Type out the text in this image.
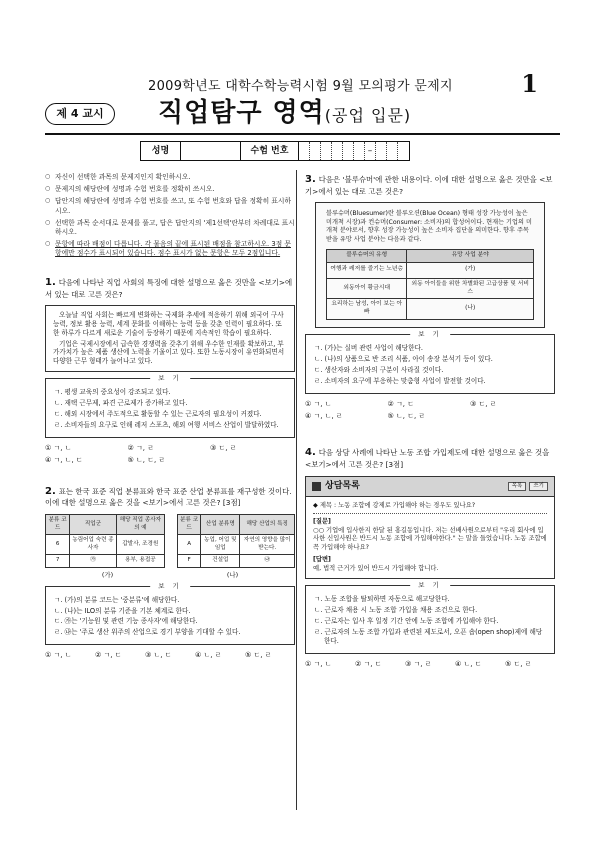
2009학년도 대학수학능력시험 9월 모의평가 문제지	1
제 4 교시	직업탐구 영역(공업 입문)
성명	수험 번호	–
○ 자신이 선택한 과목의 문제지인지 확인하시오.
○ 문제지의 해당란에 성명과 수험 번호를 정확히 쓰시오.
○ 답안지의 해당란에 성명과 수험 번호를 쓰고, 또 수험 번호와 답을 정확히 표시하시오.
○ 선택한 과목 순서대로 문제를 풀고, 답은 답안지의 '제1선택'란부터 차례대로 표시하시오.
○ 문항에 따라 배점이 다릅니다. 각 물음의 끝에 표시된 배점을 참고하시오. 3점 문항에만 점수가 표시되어 있습니다. 점수 표시가 없는 문항은 모두 2점입니다.
1. 다음에 나타난 직업 사회의 특징에 대한 설명으로 옳은 것만을 <보기>에서 있는 대로 고른 것은?

오늘날 직업 사회는 빠르게 변화하는 국제화 추세에 적응하기 위해 외국어 구사 능력, 정보 활용 능력, 세계 문화를 이해하는 능력 등을 갖춘 인력이 필요하다. 또한 하루가 다르게 새로운 기술이 등장하기 때문에 지속적인 학습이 필요하다.

기업은 국제시장에서 급속한 경쟁력을 갖추기 위해 우수한 인재를 확보하고, 부가가치가 높은 제품 생산에 노력을 기울이고 있다. 또한 노동시장이 유연화되면서 다양한 근무 형태가 늘어나고 있다.

보 기

ㄱ. 평생 교육의 중요성이 강조되고 있다.

ㄴ. 재택 근무제, 파견 근로제가 증가하고 있다.

ㄷ. 해외 시장에서 주도적으로 활동할 수 있는 근로자의 필요성이 커졌다.

ㄹ. 소비자들의 요구로 인해 레저 스포츠, 해외 여행 서비스 산업이 발달하였다.

① ㄱ, ㄴ	② ㄱ, ㄹ	③ ㄷ, ㄹ
④ ㄱ, ㄴ, ㄷ	⑤ ㄴ, ㄷ, ㄹ
2. 표는 한국 표준 직업 분류표와 한국 표준 산업 분류표를 재구성한 것이다. 이에 대한 설명으로 옳은 것을 <보기>에서 고른 것은? [3점]
분류 코드	직업군	해당 직업 종사자의 예
6	농림어업 숙련 종사자	갑발사, 조경원
7	㉮	용부, 용접공
분류 코드	산업 분류명	해당 산업의 특징
A	농업, 어업 및 임업	자연의 영향을 많이 받는다.
F	건설업	㉯
(가)	(나)
보 기

ㄱ. (가)의 분류 코드는 '중분류'에 해당한다.

ㄴ. (나)는 ILO의 분류 기준을 기본 체계로 한다.

ㄷ. ㉮는 '기능원 및 관련 기능 종사자'에 해당한다.

ㄹ. ㉯는 '주로 생산 위주의 산업으로 경기 부양을 기대할 수 있다.

① ㄱ, ㄴ	② ㄱ, ㄷ	③ ㄴ, ㄷ	④ ㄴ, ㄹ	⑤ ㄷ, ㄹ
3. 다음은 '블루슈머'에 관한 내용이다. 이에 대한 설명으로 옳은 것만을 <보기>에서 있는 대로 고른 것은?
블루슈머(Bluesumer)란 블루오션(Blue Ocean) 형태 성장 가능성이 높은 미개척 시장)과 컨슈머(Consumer: 소비자)의 합성어이다. 현재는 기업의 미개척 분야로서, 향후 성장 가능성이 높은 소비자 집단을 의미한다. 향후 주목받을 유망 사업 분야는 다음과 같다.
블루슈머의 유형	유망 사업 분야
여행과 레저를 즐기는 노년층	(가)
외동아이 황금시대	외동 아이들을 위한 차별화된 고급상품 및 서비스
요리하는 남성, 아이 보는 아빠	(나)
보 기

ㄱ. (가)는 실버 관련 사업이 해당한다.

ㄴ. (나)의 상품으로 반 조리 식품, 아이 송장 분석기 등이 있다.

ㄷ. 생산자와 소비자의 구분이 사라질 것이다.

ㄹ. 소비자의 요구에 부응하는 맞춤형 사업이 발전할 것이다.

① ㄱ, ㄴ	② ㄱ, ㄷ	③ ㄷ, ㄹ
④ ㄱ, ㄴ, ㄹ	⑤ ㄴ, ㄷ, ㄹ
4. 다음 상담 사례에 나타난 노동 조합 가입제도에 대한 설명으로 옳은 것을 <보기>에서 고른 것은? [3점]
상담목록	목록	쓰기
◆ 제목 : 노동 조합에 강제로 가입해야 하는 경우도 있나요?
[질문]
○○ 기업에 입사한지 한달 된 홍길동입니다. 저는 선배사원으로부터 "우리 회사에 입사한 신입사원은 반드시 노동 조합에 가입해야한다." 는 말을 들었습니다. 노동 조합에 꼭 가입해야 하나요?
[답변]
예, 법적 근거가 있어 반드시 가입해야 합니다.
보 기

ㄱ. 노동 조합을 탈퇴하면 자동으로 해고당한다.

ㄴ. 근로자 채용 시 노동 조합 가입을 채용 조건으로 한다.

ㄷ. 근로자는 입사 후 일정 기간 안에 노동 조합에 가입해야 한다.

ㄹ. 근로자의 노동 조합 가입과 관련된 제도로서, 오픈 숍(open shop)제에 해당한다.

① ㄱ, ㄴ	② ㄱ, ㄷ	③ ㄱ, ㄹ	④ ㄴ, ㄷ	⑤ ㄷ, ㄹ
